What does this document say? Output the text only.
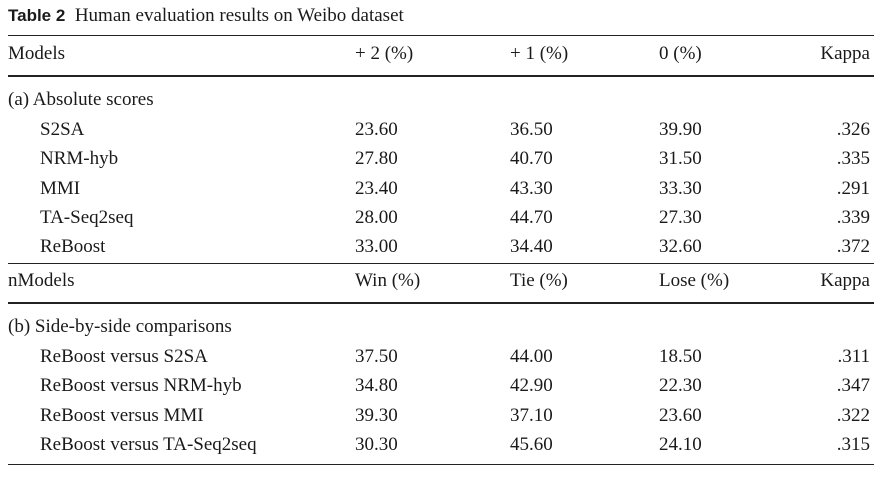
Table 2 Human evaluation results on Weibo dataset
Models	+ 2 (%)	+ 1 (%)	0 (%)	Kappa
(a) Absolute scores
S2SA	23.60	36.50	39.90	.326
NRM-hyb	27.80	40.70	31.50	.335
MMI	23.40	43.30	33.30	.291
TA-Seq2seq	28.00	44.70	27.30	.339
ReBoost	33.00	34.40	32.60	.372
nModels	Win (%)	Tie (%)	Lose (%)	Kappa
(b) Side-by-side comparisons
ReBoost versus S2SA	37.50	44.00	18.50	.311
ReBoost versus NRM-hyb	34.80	42.90	22.30	.347
ReBoost versus MMI	39.30	37.10	23.60	.322
ReBoost versus TA-Seq2seq	30.30	45.60	24.10	.315
